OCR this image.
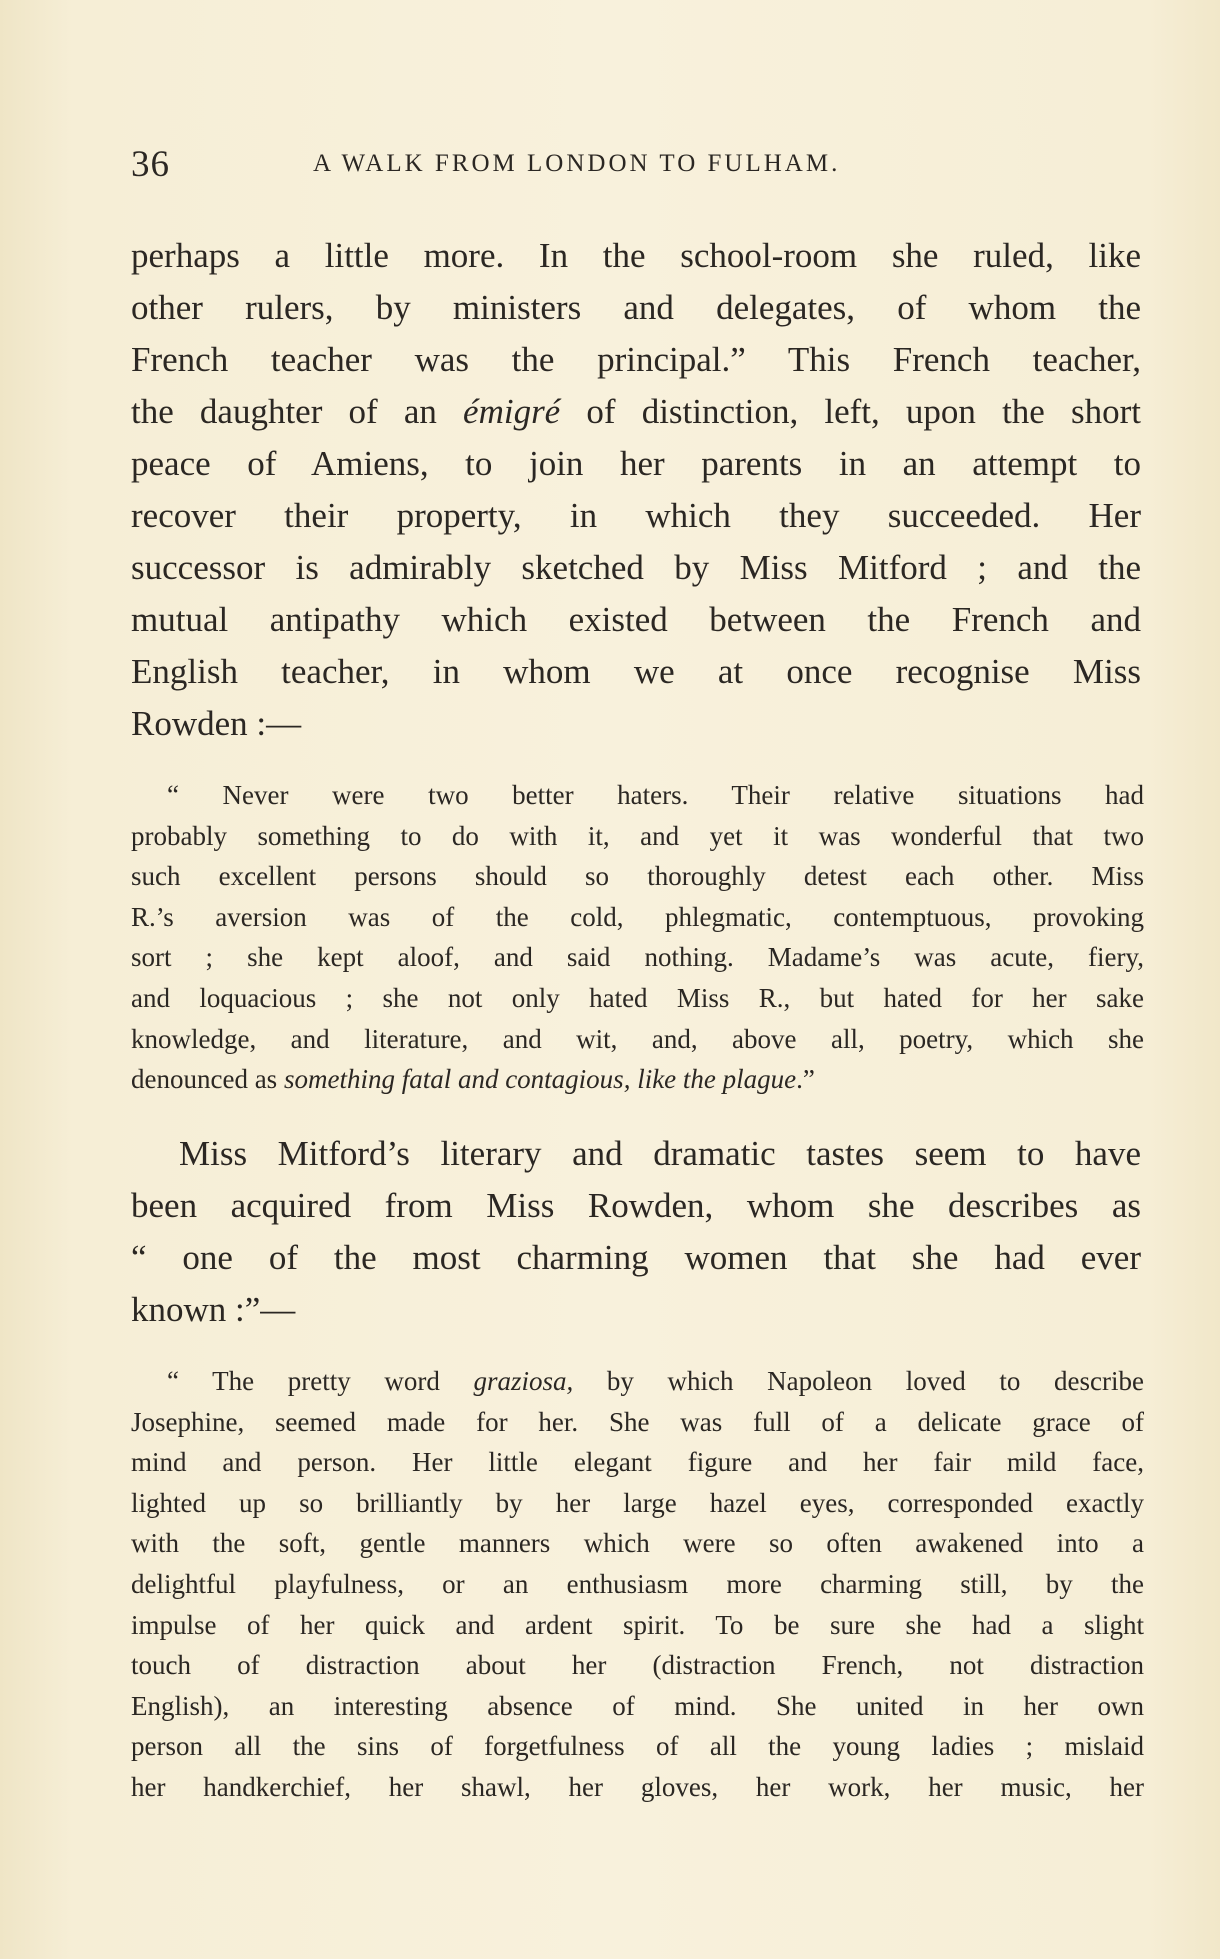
36	A WALK FROM LONDON TO FULHAM.
perhaps a little more. In the school-room she ruled, like
other rulers, by ministers and delegates, of whom the
French teacher was the principal.” This French teacher,
the daughter of an émigré of distinction, left, upon the short
peace of Amiens, to join her parents in an attempt to
recover their property, in which they succeeded. Her
successor is admirably sketched by Miss Mitford ; and the
mutual antipathy which existed between the French and
English teacher, in whom we at once recognise Miss
Rowden :—
“ Never were two better haters. Their relative situations had
probably something to do with it, and yet it was wonderful that two
such excellent persons should so thoroughly detest each other. Miss
R.’s aversion was of the cold, phlegmatic, contemptuous, provoking
sort ; she kept aloof, and said nothing. Madame’s was acute, fiery,
and loquacious ; she not only hated Miss R., but hated for her sake
knowledge, and literature, and wit, and, above all, poetry, which she
denounced as something fatal and contagious, like the plague.”
Miss Mitford’s literary and dramatic tastes seem to have
been acquired from Miss Rowden, whom she describes as
“ one of the most charming women that she had ever
known :”—
“ The pretty word graziosa, by which Napoleon loved to describe
Josephine, seemed made for her. She was full of a delicate grace of
mind and person. Her little elegant figure and her fair mild face,
lighted up so brilliantly by her large hazel eyes, corresponded exactly
with the soft, gentle manners which were so often awakened into a
delightful playfulness, or an enthusiasm more charming still, by the
impulse of her quick and ardent spirit. To be sure she had a slight
touch of distraction about her (distraction French, not distraction
English), an interesting absence of mind. She united in her own
person all the sins of forgetfulness of all the young ladies ; mislaid
her handkerchief, her shawl, her gloves, her work, her music, her
